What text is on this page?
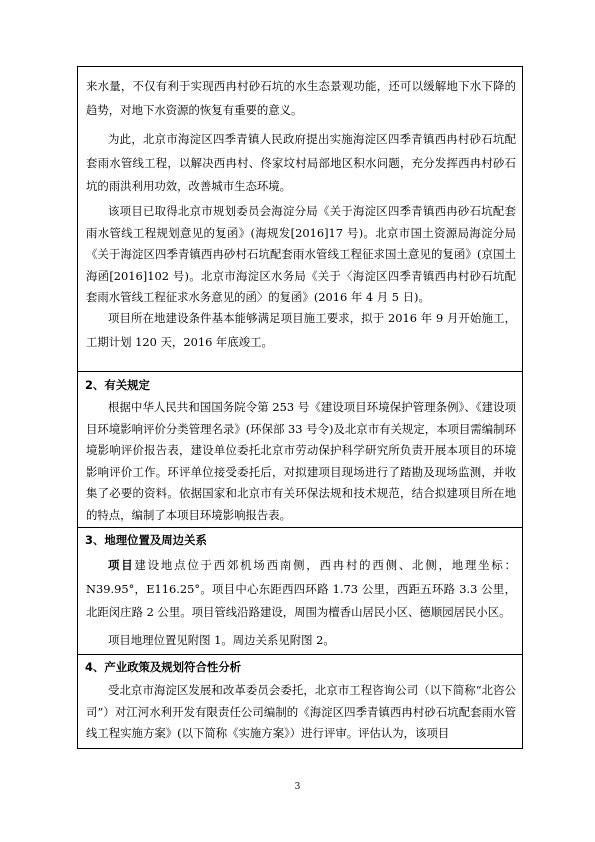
来水量，不仅有利于实现西冉村砂石坑的水生态景观功能，还可以缓解地下水下降的趋势，对地下水资源的恢复有重要的意义。

为此，北京市海淀区四季青镇人民政府提出实施海淀区四季青镇西冉村砂石坑配套雨水管线工程，以解决西冉村、佟家坟村局部地区积水问题，充分发挥西冉村砂石坑的雨洪利用功效，改善城市生态环境。

该项目已取得北京市规划委员会海淀分局《关于海淀区四季青镇西冉砂石坑配套雨水管线工程规划意见的复函》(海规发[2016]17 号)。北京市国土资源局海淀分局《关于海淀区四季青镇西冉砂村石坑配套雨水管线工程征求国土意见的复函》(京国土海函[2016]102 号)。北京市海淀区水务局《关于〈海淀区四季青镇西冉村砂石坑配套雨水管线工程征求水务意见的函〉的复函》(2016 年 4 月 5 日)。

项目所在地建设条件基本能够满足项目施工要求，拟于 2016 年 9 月开始施工，工期计划 120 天，2016 年底竣工。

2、有关规定

根据中华人民共和国国务院令第 253 号《建设项目环境保护管理条例》、《建设项目环境影响评价分类管理名录》(环保部 33 号令)及北京市有关规定，本项目需编制环境影响评价报告表，建设单位委托北京市劳动保护科学研究所负责开展本项目的环境影响评价工作。环评单位接受委托后，对拟建项目现场进行了踏勘及现场监测，并收集了必要的资料。依据国家和北京市有关环保法规和技术规范，结合拟建项目所在地的特点，编制了本项目环境影响报告表。

3、地理位置及周边关系

项目建设地点位于西郊机场西南侧，西冉村的西侧、北侧，地理坐标：N39.95°，E116.25°。项目中心东距西四环路 1.73 公里，西距五环路 3.3 公里，北距闵庄路 2 公里。项目管线沿路建设，周围为檀香山居民小区、德顺园居民小区。

项目地理位置见附图 1。周边关系见附图 2。

4、产业政策及规划符合性分析

受北京市海淀区发展和改革委员会委托，北京市工程咨询公司（以下简称“北咨公司”）对江河水利开发有限责任公司编制的《海淀区四季青镇西冉村砂石坑配套雨水管线工程实施方案》(以下简称《实施方案》）进行评审。评估认为，该项目

3
